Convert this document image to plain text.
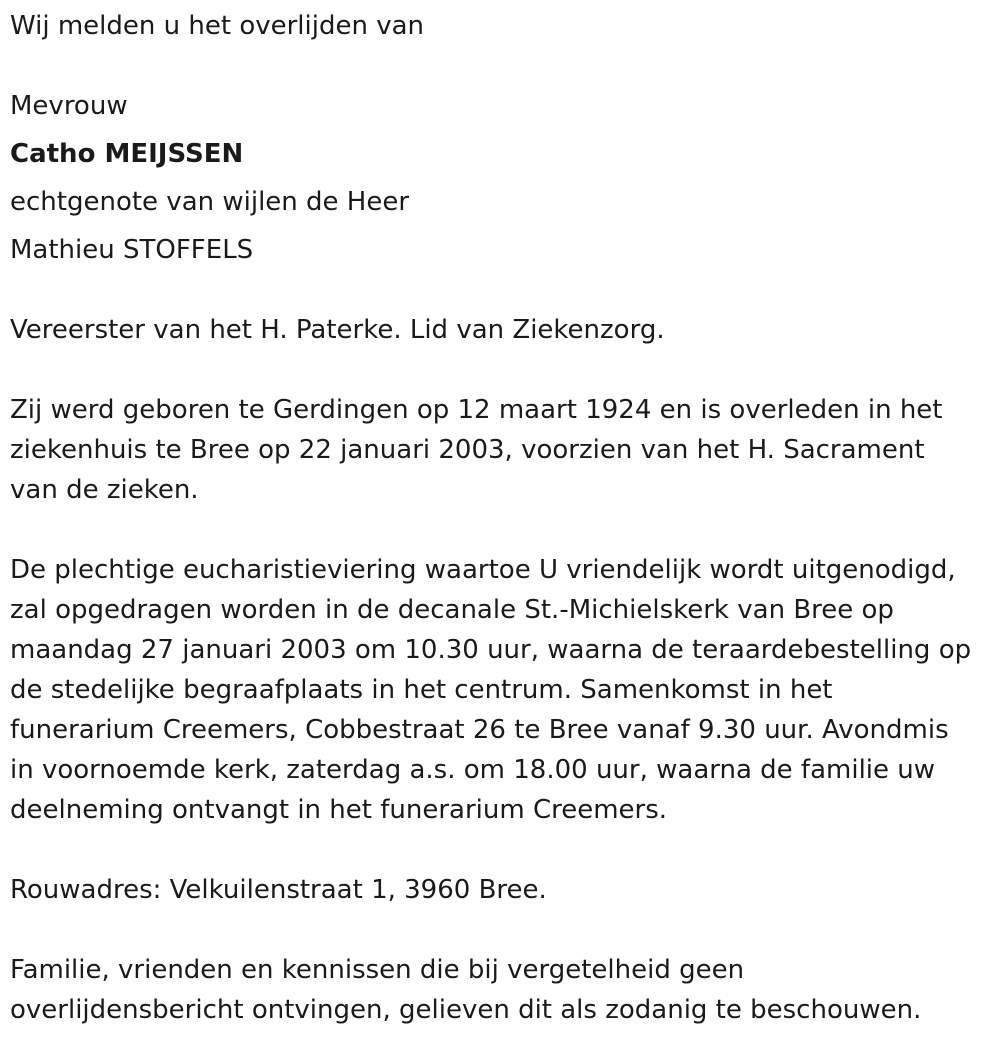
Wij melden u het overlijden van
Mevrouw
Catho MEIJSSEN
echtgenote van wijlen de Heer
Mathieu STOFFELS
Vereerster van het H. Paterke. Lid van Ziekenzorg.
Zij werd geboren te Gerdingen op 12 maart 1924 en is overleden in het
ziekenhuis te Bree op 22 januari 2003, voorzien van het H. Sacrament
van de zieken.
De plechtige eucharistieviering waartoe U vriendelijk wordt uitgenodigd,
zal opgedragen worden in de decanale St.-Michielskerk van Bree op
maandag 27 januari 2003 om 10.30 uur, waarna de teraardebestelling op
de stedelijke begraafplaats in het centrum. Samenkomst in het
funerarium Creemers, Cobbestraat 26 te Bree vanaf 9.30 uur. Avondmis
in voornoemde kerk, zaterdag a.s. om 18.00 uur, waarna de familie uw
deelneming ontvangt in het funerarium Creemers.
Rouwadres: Velkuilenstraat 1, 3960 Bree.
Familie, vrienden en kennissen die bij vergetelheid geen
overlijdensbericht ontvingen, gelieven dit als zodanig te beschouwen.
